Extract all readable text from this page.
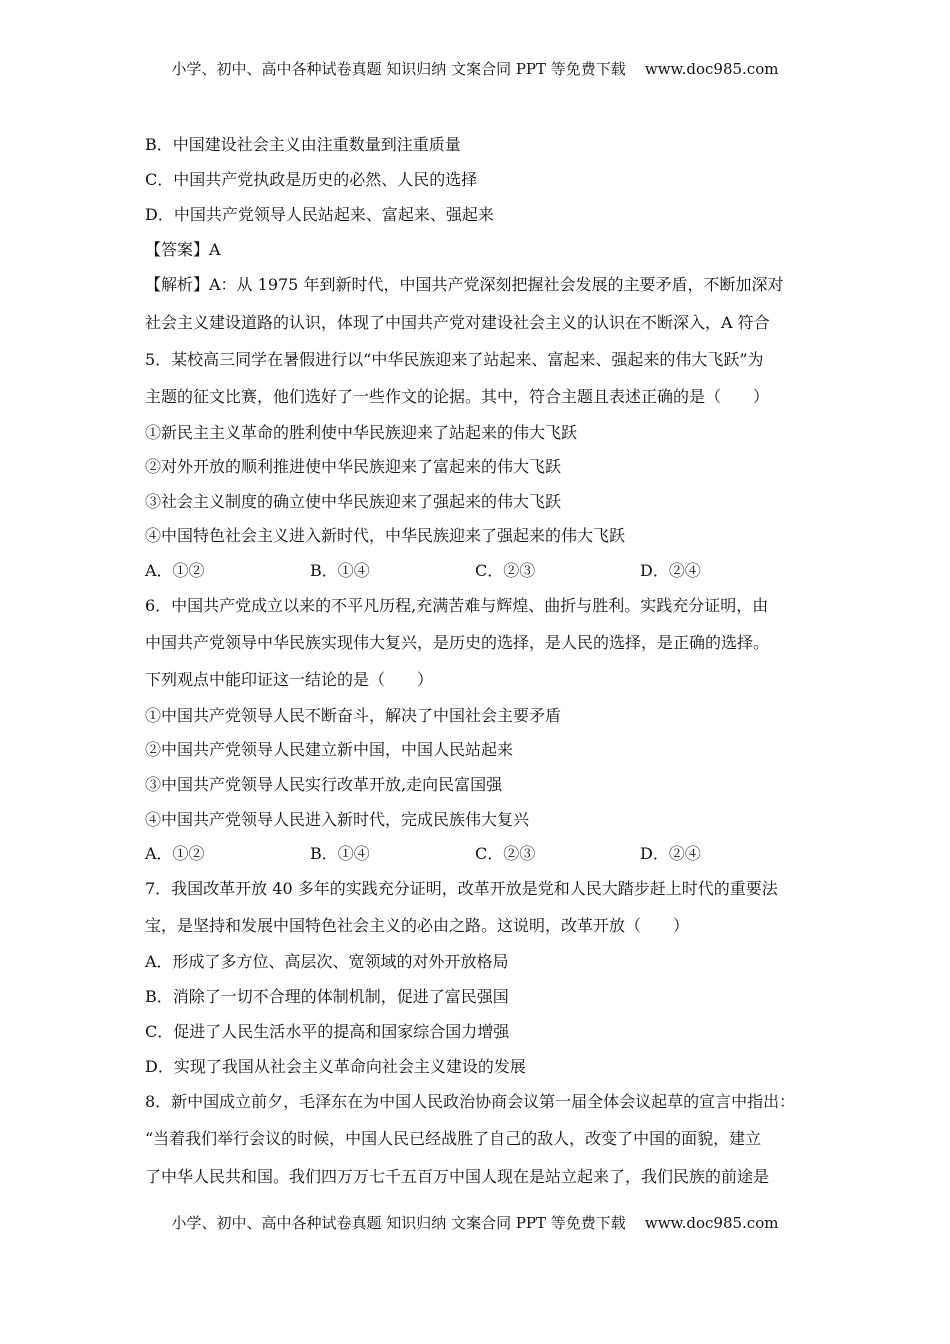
小学、初中、高中各种试卷真题 知识归纳 文案合同 PPT 等免费下载    www.doc985.com
B．中国建设社会主义由注重数量到注重质量
C．中国共产党执政是历史的必然、人民的选择
D．中国共产党领导人民站起来、富起来、强起来
【答案】A
【解析】A：从 1975 年到新时代，中国共产党深刻把握社会发展的主要矛盾，不断加深对
社会主义建设道路的认识，体现了中国共产党对建设社会主义的认识在不断深入，A 符合
5．某校高三同学在暑假进行以“中华民族迎来了站起来、富起来、强起来的伟大飞跃”为
主题的征文比赛，他们选好了一些作文的论据。其中，符合主题且表述正确的是（　　）
①新民主主义革命的胜利使中华民族迎来了站起来的伟大飞跃
②对外开放的顺利推进使中华民族迎来了富起来的伟大飞跃
③社会主义制度的确立使中华民族迎来了强起来的伟大飞跃
④中国特色社会主义进入新时代，中华民族迎来了强起来的伟大飞跃
A．①②	B．①④	C．②③	D．②④
6．中国共产党成立以来的不平凡历程,充满苦难与辉煌、曲折与胜利。实践充分证明，由
中国共产党领导中华民族实现伟大复兴，是历史的选择，是人民的选择，是正确的选择。
下列观点中能印证这一结论的是（　　）
①中国共产党领导人民不断奋斗，解决了中国社会主要矛盾
②中国共产党领导人民建立新中国，中国人民站起来
③中国共产党领导人民实行改革开放,走向民富国强
④中国共产党领导人民进入新时代，完成民族伟大复兴
A．①②	B．①④	C．②③	D．②④
7．我国改革开放 40 多年的实践充分证明，改革开放是党和人民大踏步赶上时代的重要法
宝，是坚持和发展中国特色社会主义的必由之路。这说明，改革开放（　　）
A．形成了多方位、高层次、宽领域的对外开放格局
B．消除了一切不合理的体制机制，促进了富民强国
C．促进了人民生活水平的提高和国家综合国力增强
D．实现了我国从社会主义革命向社会主义建设的发展
8．新中国成立前夕，毛泽东在为中国人民政治协商会议第一届全体会议起草的宣言中指出：
“当着我们举行会议的时候，中国人民已经战胜了自己的敌人，改变了中国的面貌，建立
了中华人民共和国。我们四万万七千五百万中国人现在是站立起来了，我们民族的前途是
小学、初中、高中各种试卷真题 知识归纳 文案合同 PPT 等免费下载    www.doc985.com
